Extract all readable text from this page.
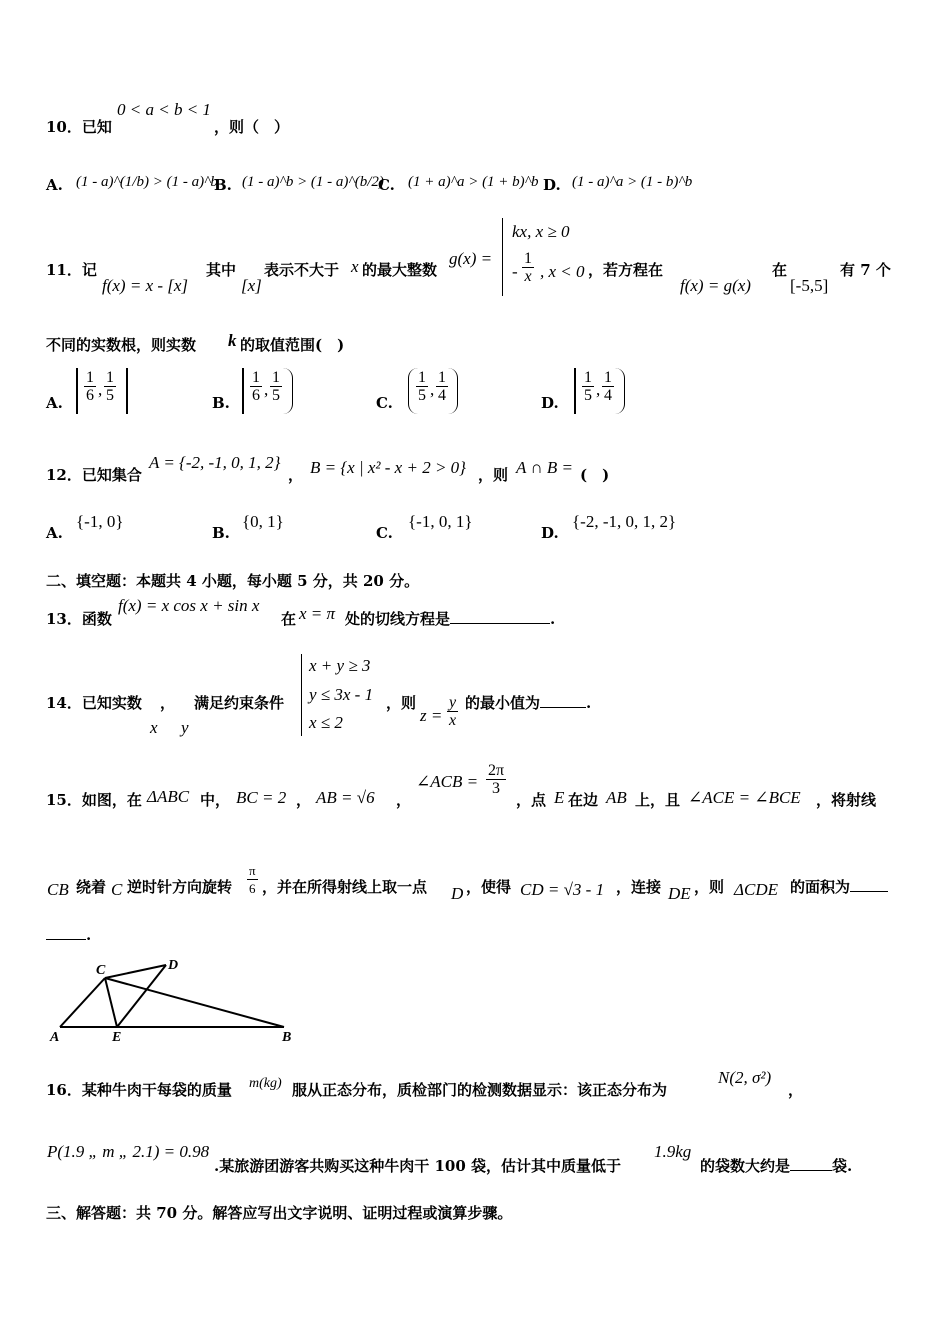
10．已知
0 < a < b < 1
，则（　）
A. (1 - a)^(1/b) > (1 - a)^b
B. (1 - a)^b > (1 - a)^(b/2)
C. (1 + a)^a > (1 + b)^b D. (1 - a)^a > (1 - b)^b
11．记
f(x) = x - [x]
其中
[x]
表示不大于 x 的最大整数
g(x) =
kx, x ≥ 0
- $\frac{1}{x}$ , x < 0 ，若方程在
f(x) = g(x)
在
[-5,5]
有 7 个
不同的实数根，则实数 k 的取值范围(　)
A. $\frac{1}{6}$ , $\frac{1}{5}$	B. $\frac{1}{6}$ , $\frac{1}{5}$	C. $\frac{1}{5}$ , $\frac{1}{4}$	D. $\frac{1}{5}$ , $\frac{1}{4}$
12．已知集合
A = {-2, -1, 0, 1, 2}
， B = {x | x² - x + 2 > 0} ，则 A ∩ B = (　)
A.
{-1, 0}
B.
{0, 1}
C.
{-1, 0, 1}
D.
{-2, -1, 0, 1, 2}
二、填空题：本题共 4 小题，每小题 5 分，共 20 分。
13．函数
f(x) = x cos x + sin x
在 x = π 处的切线方程是	.
14．已知实数 ， 满足约束条件
x y
x + y ≥ 3
y ≤ 3x - 1
x ≤ 2
，则
$z = \frac{y}{x}$ 的最小值为	.
15．如图，在 ΔABC 中， BC = 2 ， AB = √6 ，
∠ACB = $\frac{2\pi}{3}$
，点 E 在边 AB 上，且 ∠ACE = ∠BCE ，将射线
CB 绕着 C 逆时针方向旋转 $\frac{\pi}{6}$ ，并在所得射线上取一点 D ，使得 CD = √3 - 1 ，连接 DE ，则 ΔCDE 的面积为
.
A	B
C	D
E
16．某种牛肉干每袋的质量 m(kg) 服从正态分布，质检部门的检测数据显示：该正态分布为
N(2, σ²)
，
P(1.9 „ m „ 2.1) = 0.98
.某旅游团游客共购买这种牛肉干 100 袋，估计其中质量低于
1.9kg
的袋数大约是	袋.
三、解答题：共 70 分。解答应写出文字说明、证明过程或演算步骤。
